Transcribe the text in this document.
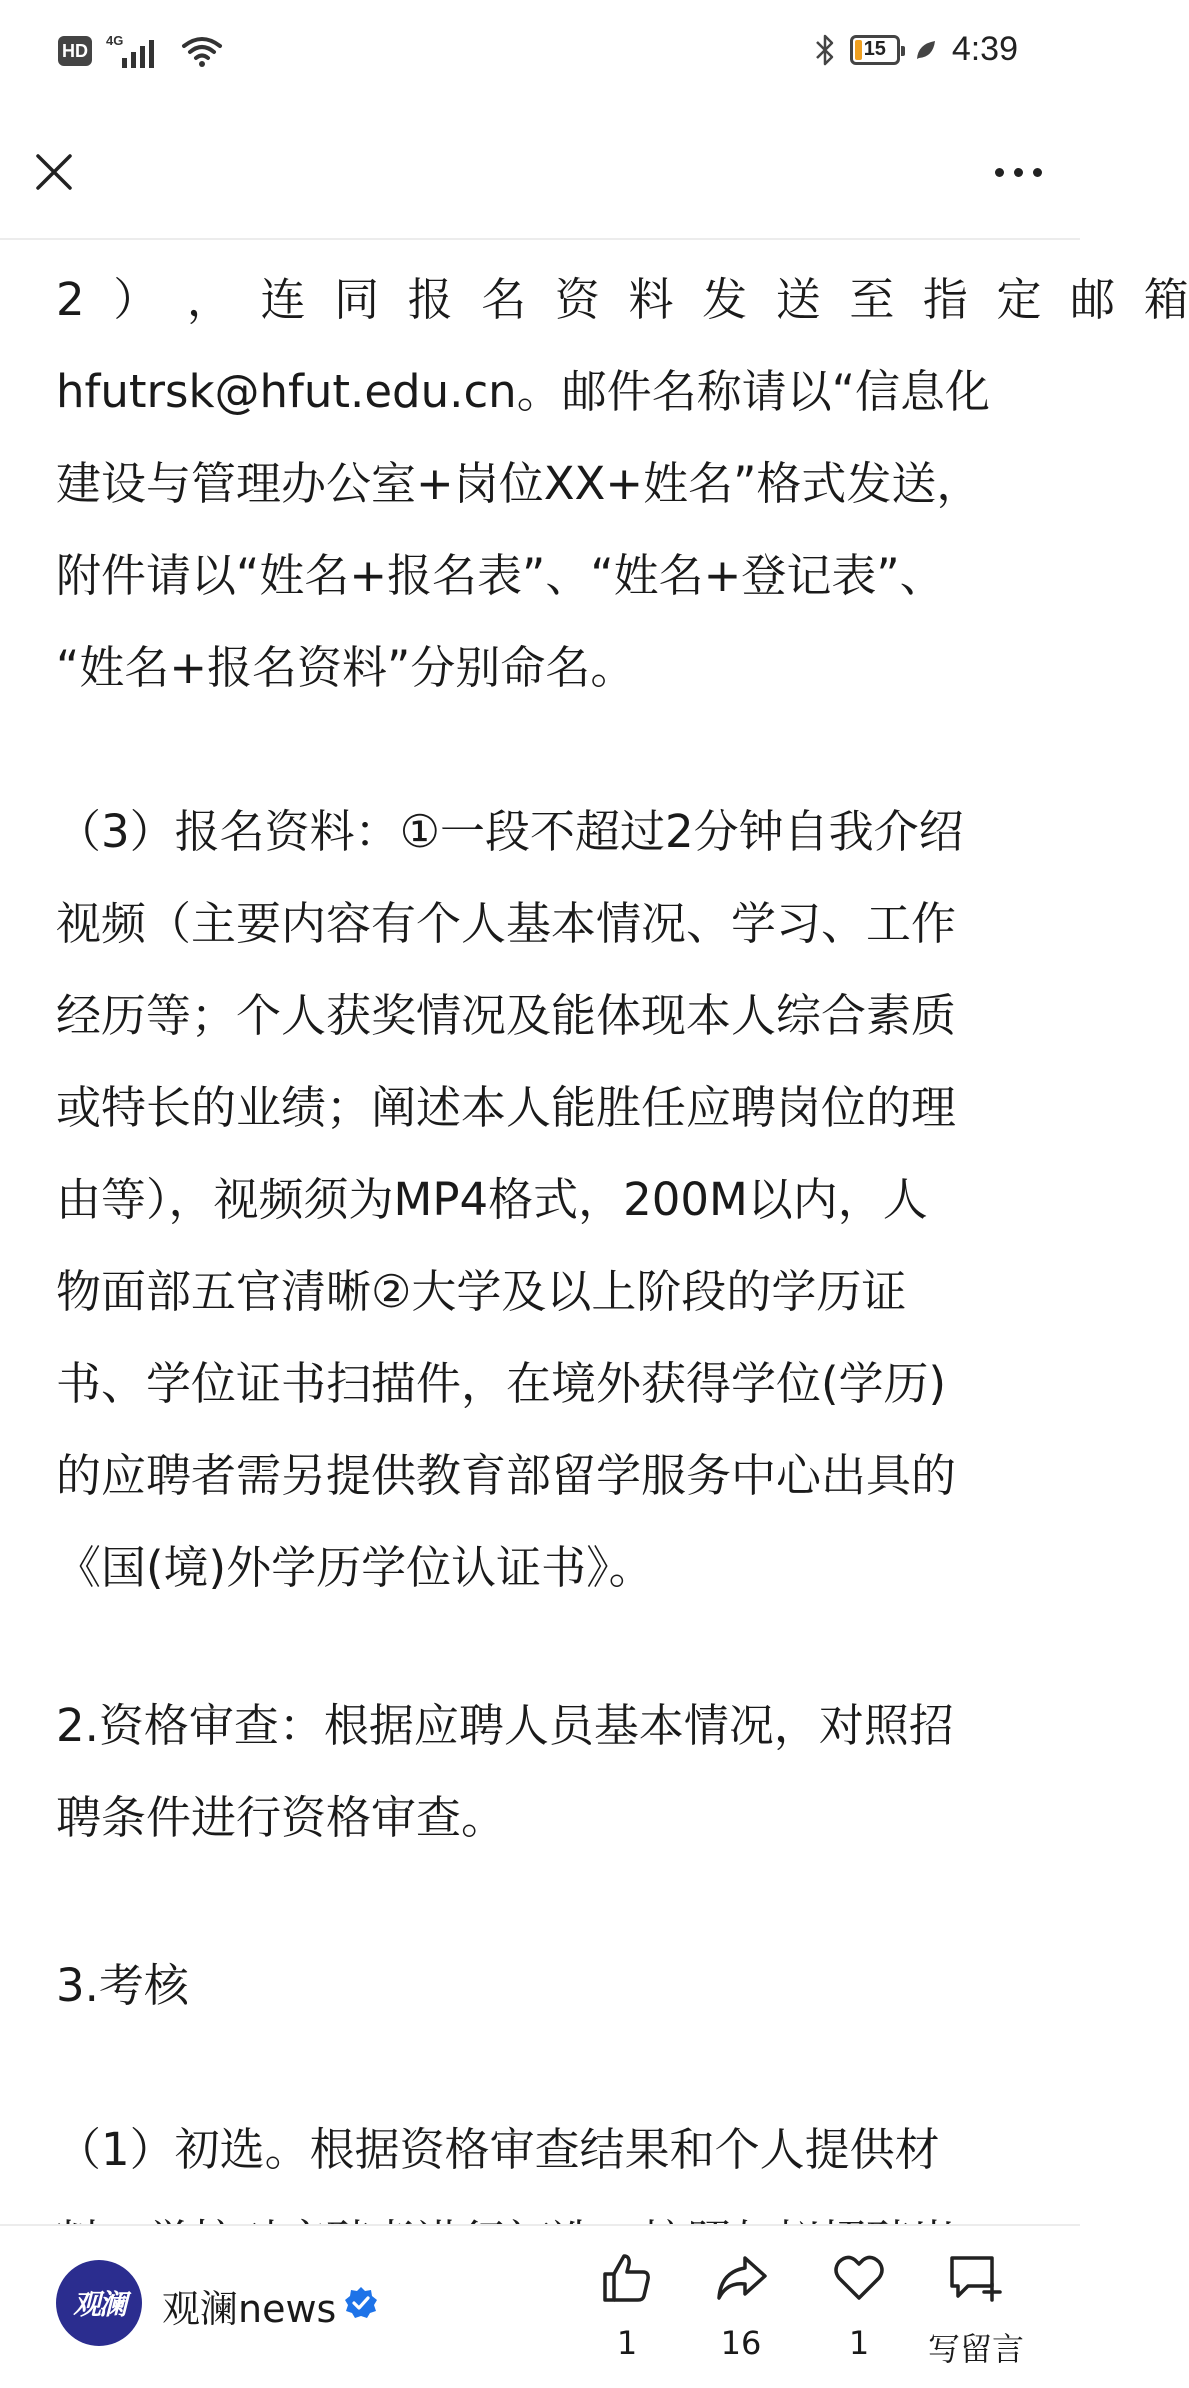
HD	4G	15 4:39
2  ）  ，  连  同  报  名  资  料  发  送  至  指  定  邮  箱
hfutrsk@hfut.edu.cn。邮件名称请以“信息化
建设与管理办公室+岗位XX+姓名”格式发送，
附件请以“姓名+报名表”、“姓名+登记表”、
“姓名+报名资料”分别命名。
（3）报名资料：①一段不超过2分钟自我介绍
视频（主要内容有个人基本情况、学习、工作
经历等；个人获奖情况及能体现本人综合素质
或特长的业绩；阐述本人能胜任应聘岗位的理
由等），视频须为MP4格式，200M以内，人
物面部五官清晰②大学及以上阶段的学历证
书、学位证书扫描件，在境外获得学位(学历)
的应聘者需另提供教育部留学服务中心出具的
《国(境)外学历学位认证书》。
2.资格审查：根据应聘人员基本情况，对照招
聘条件进行资格审查。
3.考核
（1）初选。根据资格审查结果和个人提供材
观澜 观澜news
1	16	1 写留言
